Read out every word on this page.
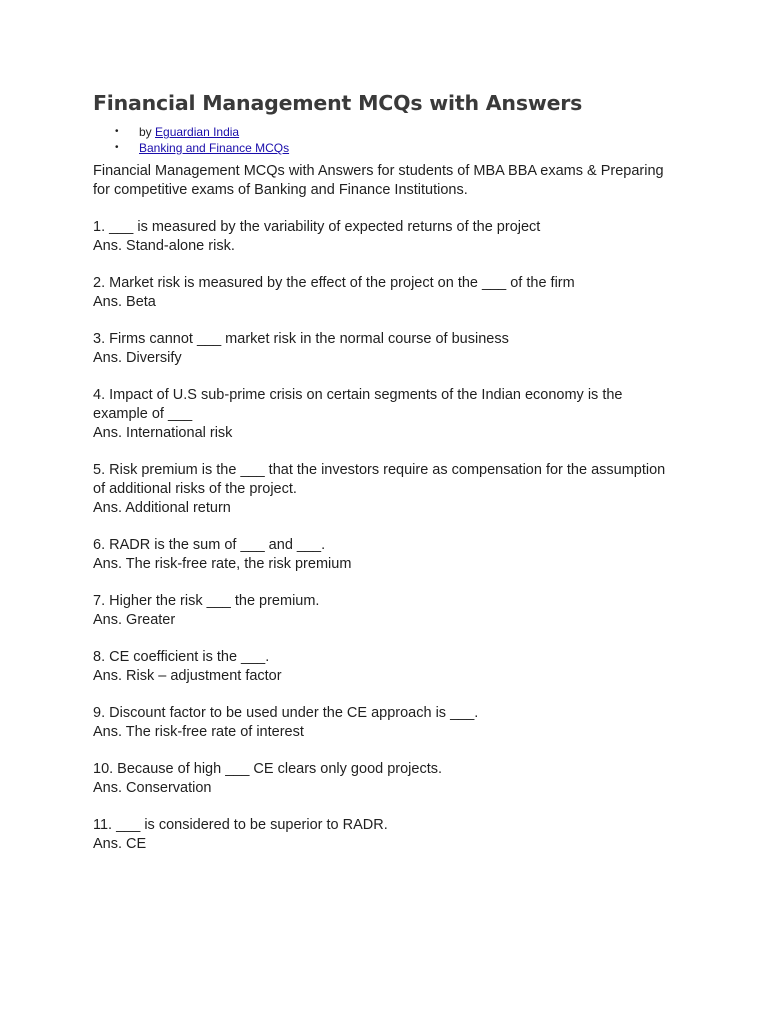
Financial Management MCQs with Answers
• by Eguardian India
• Banking and Finance MCQs

Financial Management MCQs with Answers for students of MBA BBA exams & Preparing for competitive exams of Banking and Finance Institutions.

1. ___ is measured by the variability of expected returns of the project
Ans. Stand-alone risk.
2. Market risk is measured by the effect of the project on the ___ of the firm
Ans. Beta
3. Firms cannot ___ market risk in the normal course of business
Ans. Diversify
4. Impact of U.S sub-prime crisis on certain segments of the Indian economy is the example of ___
Ans. International risk
5. Risk premium is the ___ that the investors require as compensation for the assumption of additional risks of the project.
Ans. Additional return
6. RADR is the sum of ___ and ___.
Ans. The risk-free rate, the risk premium
7. Higher the risk ___ the premium.
Ans. Greater
8. CE coefficient is the ___.
Ans. Risk – adjustment factor
9. Discount factor to be used under the CE approach is ___.
Ans. The risk-free rate of interest
10. Because of high ___ CE clears only good projects.
Ans. Conservation
11. ___ is considered to be superior to RADR.
Ans. CE
